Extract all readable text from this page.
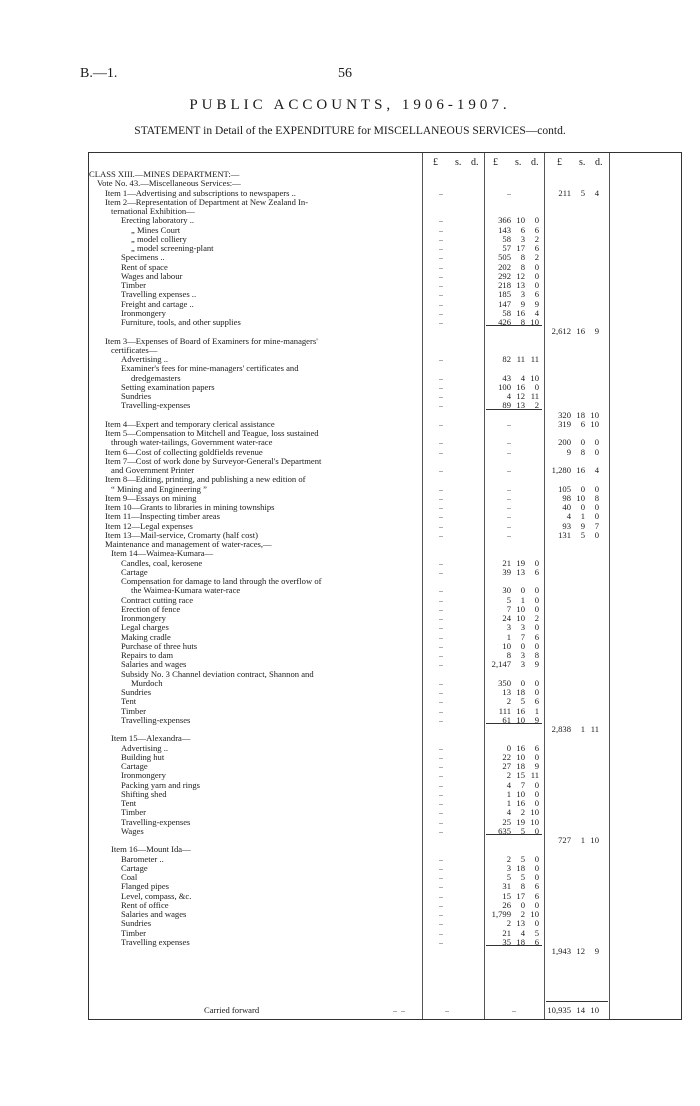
B.—1.	56
PUBLIC ACCOUNTS, 1906-1907.
STATEMENT in Detail of the EXPENDITURE for MISCELLANEOUS SERVICES—contd.
£ s. d. £ s. d. £ s. d.
CLASS XIII.—MINES DEPARTMENT:—
Vote No. 43.—Miscellaneous Services:—
Item 1—Advertising and subscriptions to newspapers ..	..	..	211	5	4
Item 2—Representation of Department at New Zealand In-
ternational Exhibition—
Erecting laboratory ..	..	366 10	0
„ Mines Court	..	143	6	6
„ model colliery	..	58	3	2
„ model screening-plant	..	57 17	6
Specimens ..	..	505	8	2
Rent of space	..	202	8	0
Wages and labour	..	292 12	0
Timber	..	218 13	0
Travelling expenses ..	..	185	3	6
Freight and cartage ..	..	147	9	9
Ironmongery	..	58 16	4
Furniture, tools, and other supplies	..	426	8 10
2,612 16	9
Item 3—Expenses of Board of Examiners for mine-managers'
certificates—
Advertising ..	..	82 11 11
Examiner's fees for mine-managers' certificates and
dredgemasters	..	43	4 10
Setting examination papers	..	100 16	0
Sundries	..	4 12 11
Travelling-expenses	..	89 13	2
320 18 10
Item 4—Expert and temporary clerical assistance	..	..	319	6 10
Item 5—Compensation to Mitchell and Teague, loss sustained
through water-tailings, Government water-race	..	..	200	0	0
Item 6—Cost of collecting goldfields revenue	..	..	9	8	0
Item 7—Cost of work done by Surveyor-General's Department
and Government Printer	..	..	1,280 16	4
Item 8—Editing, printing, and publishing a new edition of
“ Mining and Engineering ”	..	..	105	0	0
Item 9—Essays on mining	..	..	98 10	8
Item 10—Grants to libraries in mining townships	..	..	40	0	0
Item 11—Inspecting timber areas	..	..	4	1	0
Item 12—Legal expenses	..	..	93	9	7
Item 13—Mail-service, Cromarty (half cost)	..	..	131	5	0
Maintenance and management of water-races,—
Item 14—Waimea-Kumara—
Candles, coal, kerosene	..	21 19	0
Cartage	..	39 13	6
Compensation for damage to land through the overflow of
the Waimea-Kumara water-race	..	30	0	0
Contract cutting race	..	5	1	0
Erection of fence	..	7 10	0
Ironmongery	..	24 10	2
Legal charges	..	3	3	0
Making cradle	..	1	7	6
Purchase of three huts	..	10	0	0
Repairs to dam	..	8	3	8
Salaries and wages	..	2,147	3	9
Subsidy No. 3 Channel deviation contract, Shannon and
Murdoch	..	350	0	0
Sundries	..	13 18	0
Tent	..	2	5	6
Timber	..	111 16	1
Travelling-expenses	..	61 10	9
2,838	1 11
Item 15—Alexandra—
Advertising ..	..	0 16	6
Building hut	..	22 10	0
Cartage	..	27 18	9
Ironmongery	..	2 15 11
Packing yarn and rings	..	4	7	0
Shifting shed	..	1 10	0
Tent	..	1 16	0
Timber	..	4	2 10
Travelling-expenses	..	25 19 10
Wages	..	635	5	0
727	1 10
Item 16—Mount Ida—
Barometer ..	..	2	5	0
Cartage	..	3 18	0
Coal	..	5	5	0
Flanged pipes	..	31	8	6
Level, compass, &c.	..	15 17	6
Rent of office	..	26	0	0
Salaries and wages	..	1,799	2 10
Sundries	..	2 13	0
Timber	..	21	4	5
Travelling expenses	..	35 18	6
1,943 12	9
Carried forward	..  ..	..	..	10,935 14 10
